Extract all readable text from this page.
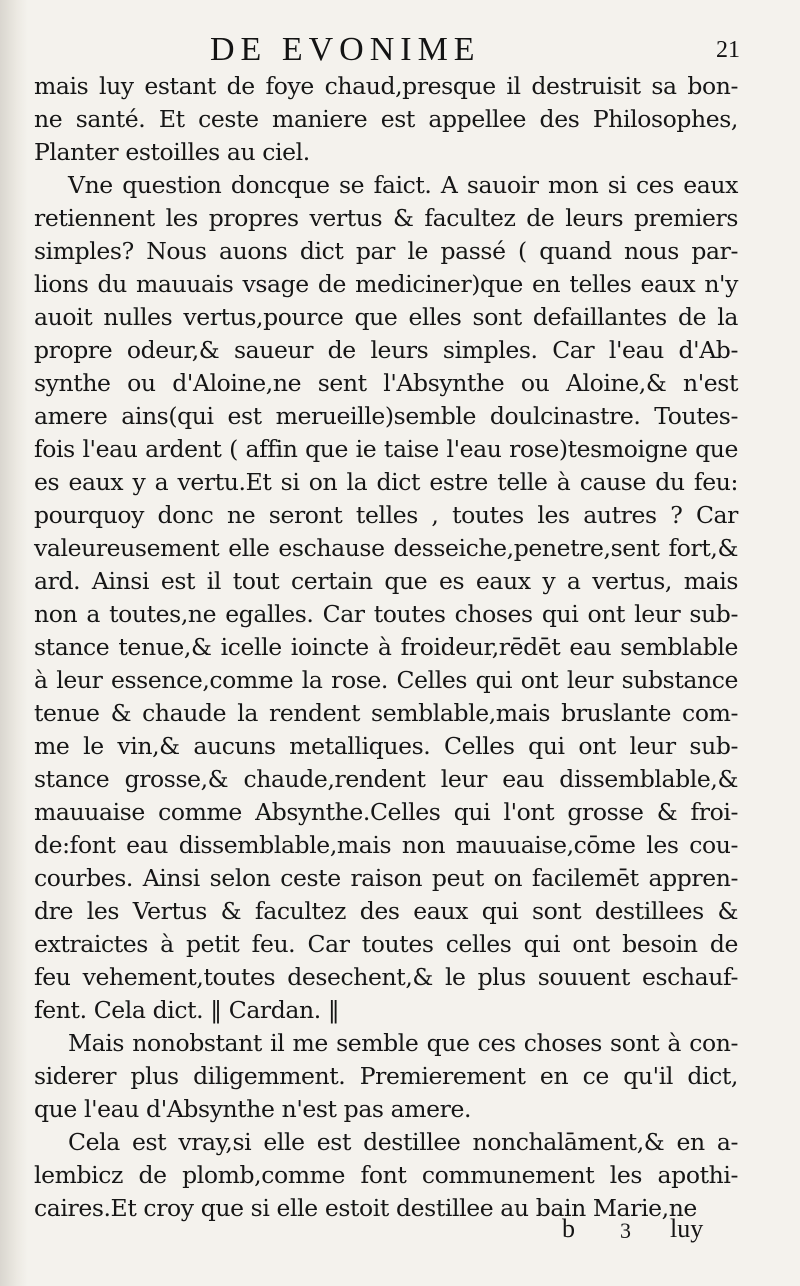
DE EVONIME	21
mais luy estant de foye chaud,presque il destruisit sa bon-
ne santé. Et ceste maniere est appellee des Philosophes,
Planter estoilles au ciel.
Vne question doncque se faict. A sauoir mon si ces eaux
retiennent les propres vertus & facultez de leurs premiers
simples? Nous auons dict par le passé ( quand nous par-
lions du mauuais vsage de mediciner)que en telles eaux n'y
auoit nulles vertus,pource que elles sont defaillantes de la
propre odeur,& saueur de leurs simples. Car l'eau d'Ab-
synthe ou d'Aloine,ne sent l'Absynthe ou Aloine,& n'est
amere ains(qui est merueille)semble doulcinastre. Toutes-
fois l'eau ardent ( affin que ie taise l'eau rose)tesmoigne que
es eaux y a vertu.Et si on la dict estre telle à cause du feu:
pourquoy donc ne seront telles , toutes les autres ? Car
valeureusement elle eschause desseiche,penetre,sent fort,&
ard. Ainsi est il tout certain que es eaux y a vertus, mais
non a toutes,ne egalles. Car toutes choses qui ont leur sub-
stance tenue,& icelle ioincte à froideur,rēdēt eau semblable
à leur essence,comme la rose. Celles qui ont leur substance
tenue & chaude la rendent semblable,mais bruslante com-
me le vin,& aucuns metalliques. Celles qui ont leur sub-
stance grosse,& chaude,rendent leur eau dissemblable,&
mauuaise comme Absynthe.Celles qui l'ont grosse & froi-
de:font eau dissemblable,mais non mauuaise,cōme les cou-
courbes. Ainsi selon ceste raison peut on facilemēt appren-
dre les Vertus & facultez des eaux qui sont destillees &
extraictes à petit feu. Car toutes celles qui ont besoin de
feu vehement,toutes desechent,& le plus souuent eschauf-
fent. Cela dict. ‖ Cardan. ‖
Mais nonobstant il me semble que ces choses sont à con-
siderer plus diligemment. Premierement en ce qu'il dict,
que l'eau d'Absynthe n'est pas amere.
Cela est vray,si elle est destillee nonchalāment,& en a-
lembicz de plomb,comme font communement les apothi-
caires.Et croy que si elle estoit destillee au bain Marie,ne
b 3 luy
